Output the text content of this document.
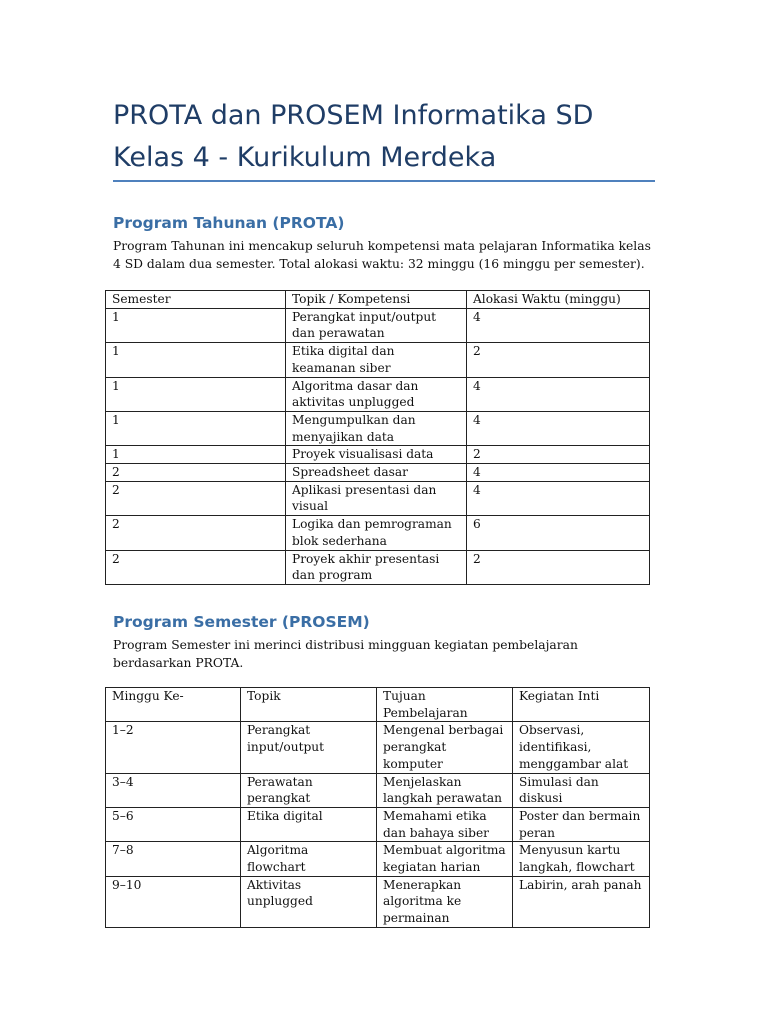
PROTA dan PROSEM Informatika SD Kelas 4 - Kurikulum Merdeka
Program Tahunan (PROTA)

Program Tahunan ini mencakup seluruh kompetensi mata pelajaran Informatika kelas 4 SD dalam dua semester. Total alokasi waktu: 32 minggu (16 minggu per semester).

Semester	Topik / Kompetensi	Alokasi Waktu (minggu)
1	Perangkat input/output dan perawatan	4
1	Etika digital dan keamanan siber	2
1	Algoritma dasar dan aktivitas unplugged	4
1	Mengumpulkan dan menyajikan data	4
1	Proyek visualisasi data	2
2	Spreadsheet dasar	4
2	Aplikasi presentasi dan visual	4
2	Logika dan pemrograman blok sederhana	6
2	Proyek akhir presentasi dan program	2
Program Semester (PROSEM)

Program Semester ini merinci distribusi mingguan kegiatan pembelajaran berdasarkan PROTA.

Minggu Ke-	Topik	Tujuan Pembelajaran	Kegiatan Inti
1–2	Perangkat input/output	Mengenal berbagai perangkat komputer	Observasi, identifikasi, menggambar alat
3–4	Perawatan perangkat	Menjelaskan langkah perawatan	Simulasi dan diskusi
5–6	Etika digital	Memahami etika dan bahaya siber	Poster dan bermain peran
7–8	Algoritma flowchart	Membuat algoritma kegiatan harian	Menyusun kartu langkah, flowchart
9–10	Aktivitas unplugged	Menerapkan algoritma ke permainan	Labirin, arah panah
